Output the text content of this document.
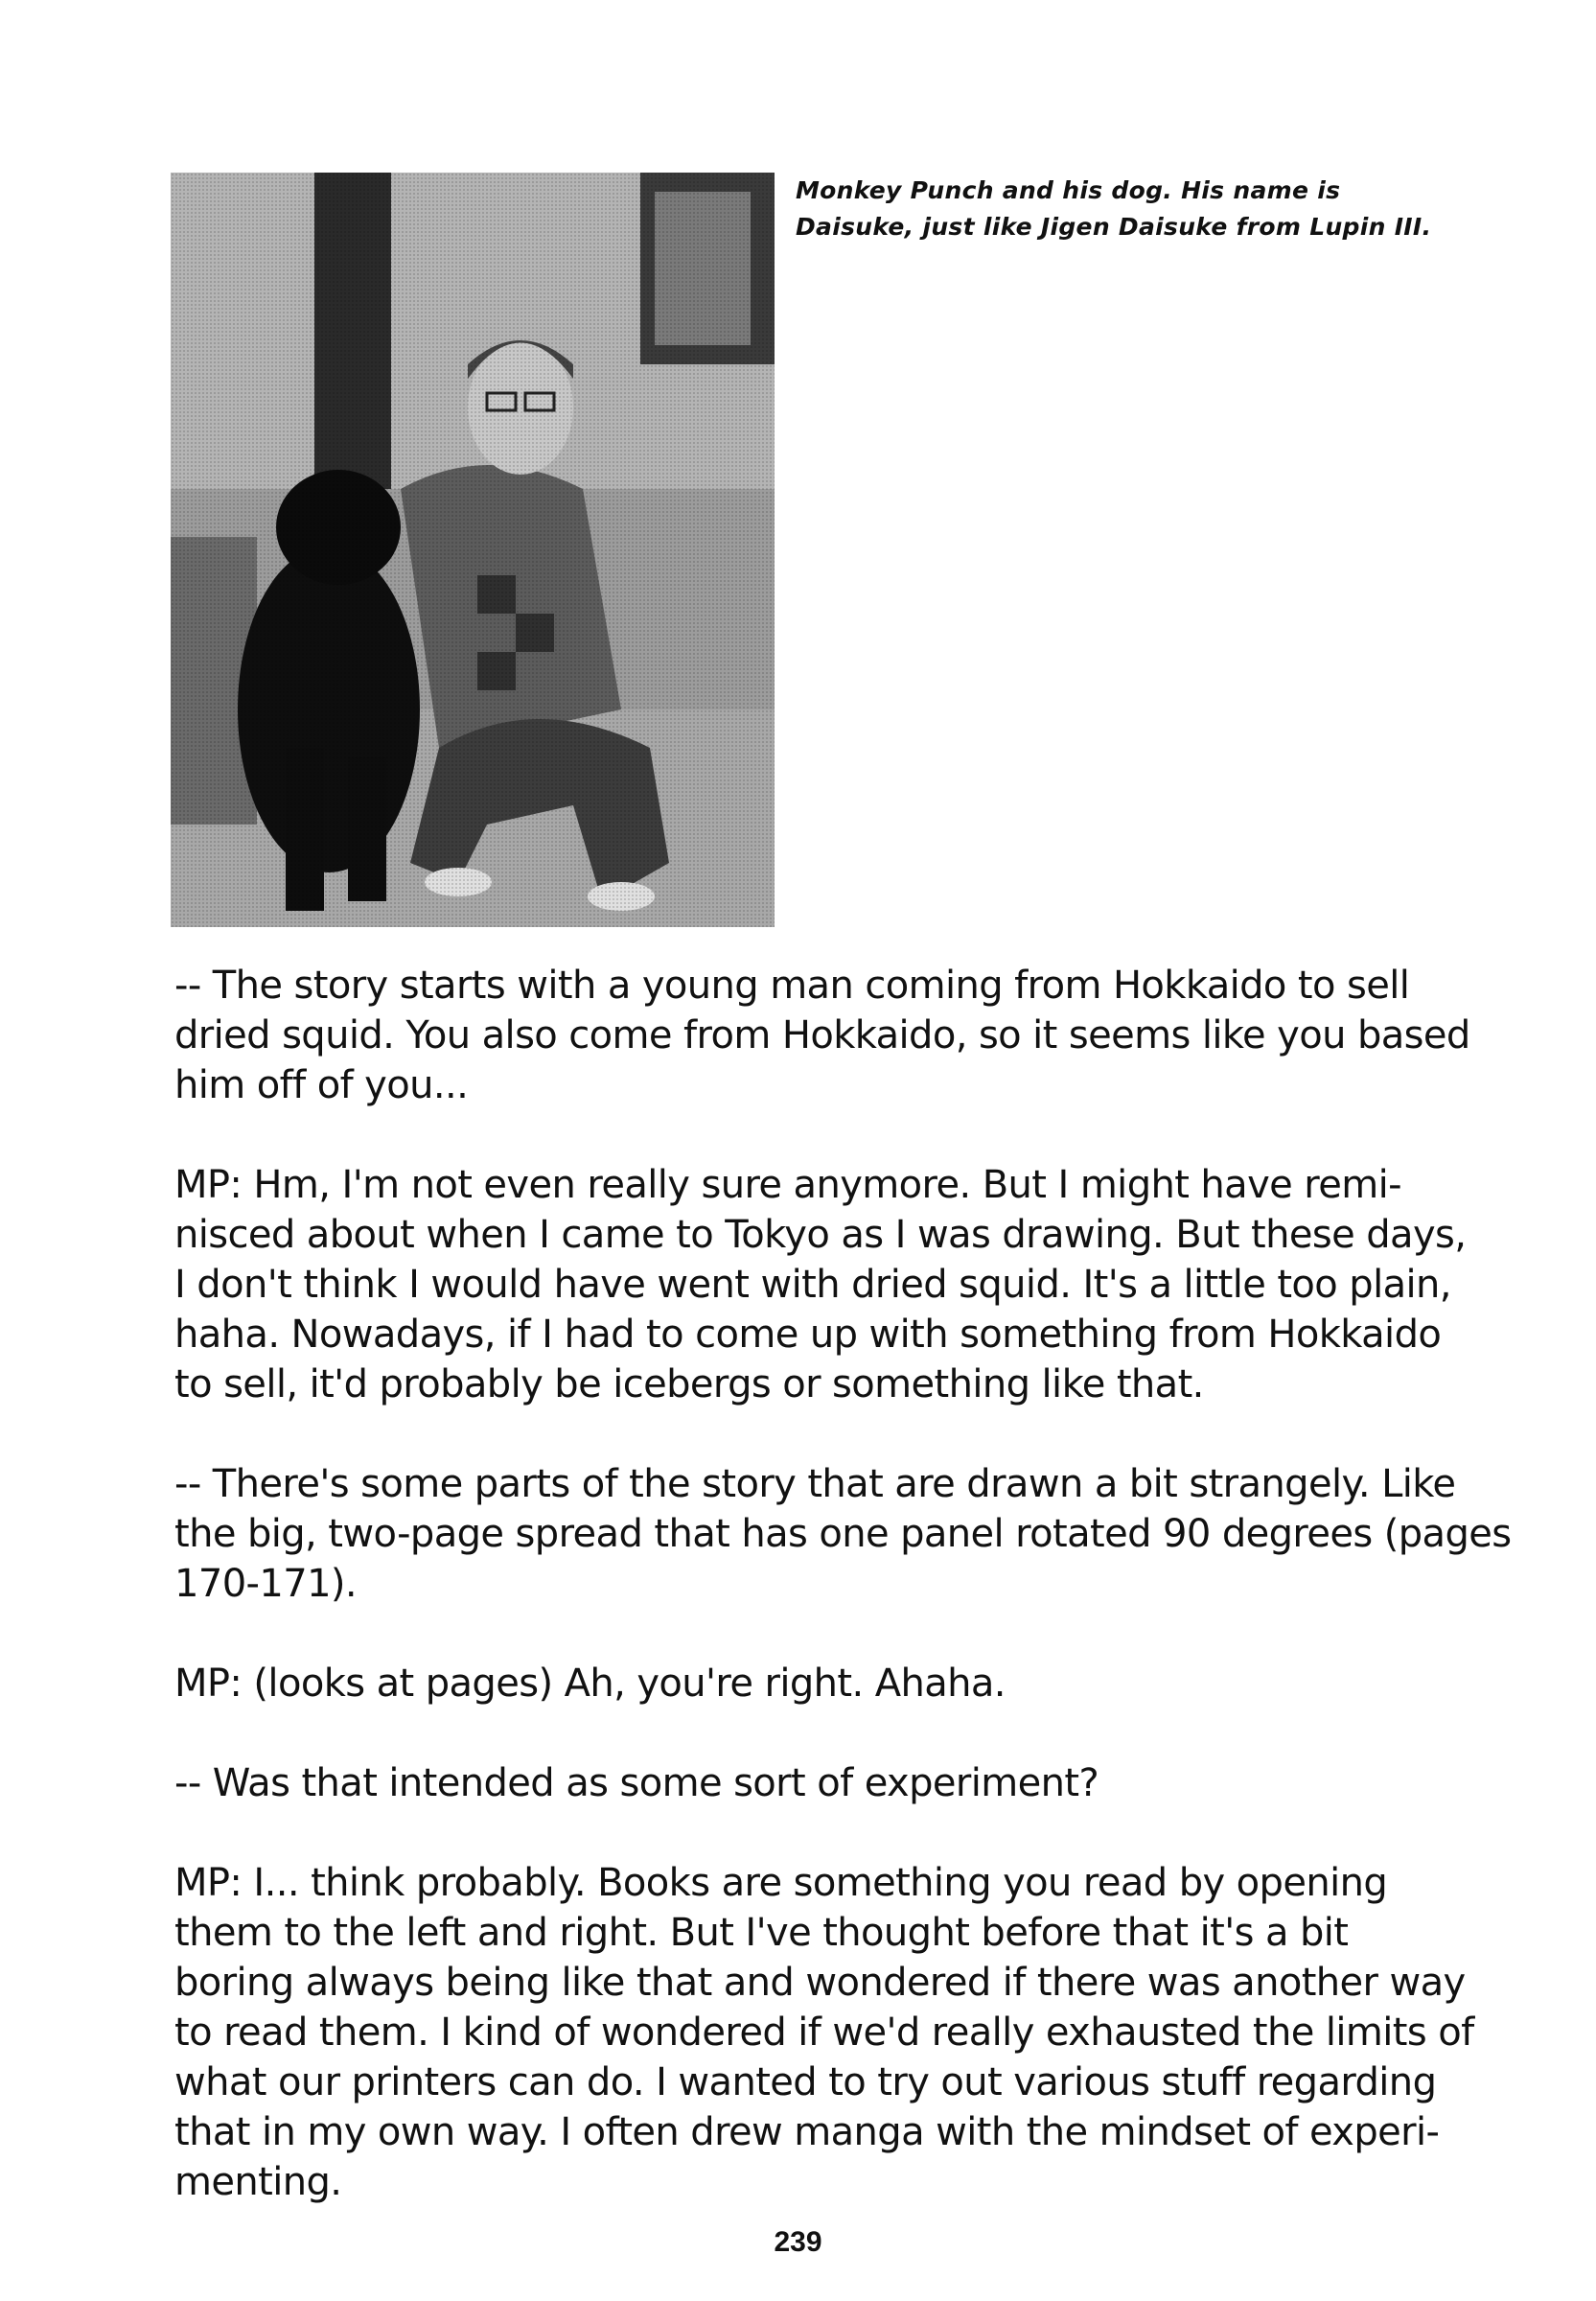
Monkey Punch and his dog. His name is
Daisuke, just like Jigen Daisuke from Lupin III.
-- The story starts with a young man coming from Hokkaido to sell
dried squid. You also come from Hokkaido, so it seems like you based
him off of you...
MP: Hm, I'm not even really sure anymore. But I might have remi-
nisced about when I came to Tokyo as I was drawing. But these days,
I don't think I would have went with dried squid. It's a little too plain,
haha. Nowadays, if I had to come up with something from Hokkaido
to sell, it'd probably be icebergs or something like that.
-- There's some parts of the story that are drawn a bit strangely. Like
the big, two-page spread that has one panel rotated 90 degrees (pages
170-171).
MP: (looks at pages) Ah, you're right. Ahaha.
-- Was that intended as some sort of experiment?
MP: I... think probably. Books are something you read by opening
them to the left and right. But I've thought before that it's a bit
boring always being like that and wondered if there was another way
to read them. I kind of wondered if we'd really exhausted the limits of
what our printers can do. I wanted to try out various stuff regarding
that in my own way. I often drew manga with the mindset of experi-
menting.
239
